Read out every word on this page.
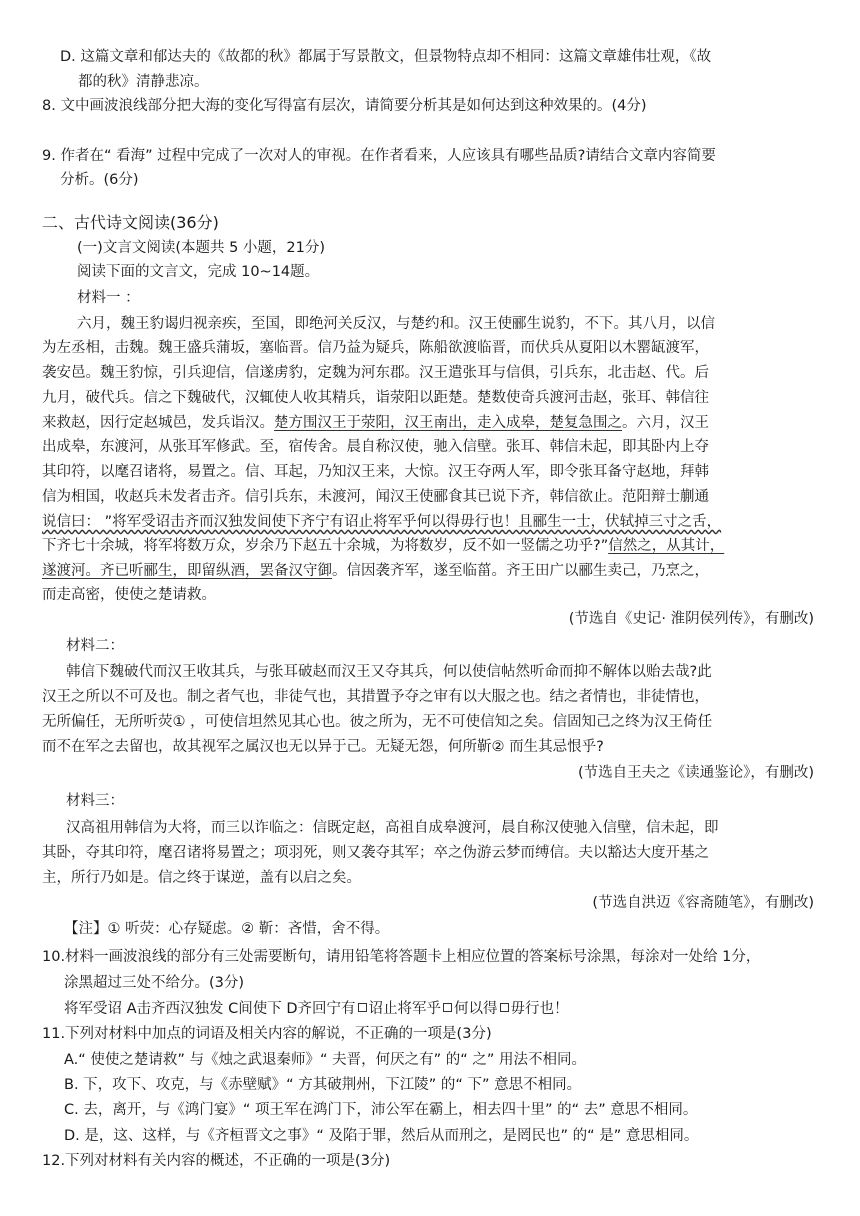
D. 这篇文章和郁达夫的《故都的秋》都属于写景散文，但景物特点却不相同：这篇文章雄伟壮观，《故
都的秋》清静悲凉。
8. 文中画波浪线部分把大海的变化写得富有层次，请简要分析其是如何达到这种效果的。(4分)
9. 作者在“ 看海” 过程中完成了一次对人的审视。在作者看来，人应该具有哪些品质?请结合文章内容简要
分析。(6分)
二、古代诗文阅读(36分)
(一)文言文阅读(本题共 5 小题，21分)
阅读下面的文言文，完成 10~14题。
材料一 ：
六月，魏王豹谒归视亲疾，至国，即绝河关反汉，与楚约和。汉王使郦生说豹，不下。其八月，以信
为左丞相，击魏。魏王盛兵蒲坂，塞临晋。信乃益为疑兵，陈船欲渡临晋，而伏兵从夏阳以木罂缻渡军，
袭安邑。魏王豹惊，引兵迎信，信遂虏豹，定魏为河东郡。汉王遣张耳与信俱，引兵东，北击赵、代。后
九月，破代兵。信之下魏破代，汉辄使人收其精兵，诣荥阳以距楚。楚数使奇兵渡河击赵，张耳、韩信往
来救赵，因行定赵城邑，发兵诣汉。楚方围汉王于荥阳，汉王南出，走入成皋，楚复急围之。六月，汉王
出成皋，东渡河，从张耳军修武。至，宿传舍。晨自称汉使，驰入信壁。张耳、韩信未起，即其卧内上夺
其印符，以麾召诸将，易置之。信、耳起，乃知汉王来，大惊。汉王夺两人军，即令张耳备守赵地，拜韩
信为相国，收赵兵未发者击齐。信引兵东，未渡河，闻汉王使郦食其已说下齐，韩信欲止。范阳辩士蒯通
说信曰： ”将军受诏击齐而汉独发间使下齐宁有诏止将军乎何以得毋行也！且郦生一士，伏轼掉三寸之舌，
下齐七十余城，将军将数万众，岁余乃下赵五十余城，为将数岁，反不如一竖儒之功乎?”信然之，从其计，
遂渡河。齐已听郦生，即留纵酒，罢备汉守御。信因袭齐军，遂至临菑。齐王田广以郦生卖己，乃烹之，
而走高密，使使之楚请救。
(节选自《史记· 淮阴侯列传》，有删改)
材料二：
韩信下魏破代而汉王收其兵，与张耳破赵而汉王又夺其兵，何以使信帖然听命而抑不解体以贻去哉?此
汉王之所以不可及也。制之者气也，非徒气也，其措置予夺之审有以大服之也。结之者情也，非徒情也，
无所偏任，无所听荧① ，可使信坦然见其心也。彼之所为，无不可使信知之矣。信固知己之终为汉王倚任
而不在军之去留也，故其视军之属汉也无以异于己。无疑无怨，何所靳② 而生其忌恨乎?
(节选自王夫之《读通鉴论》，有删改)
材料三：
汉高祖用韩信为大将，而三以诈临之：信既定赵，高祖自成皋渡河，晨自称汉使驰入信壁，信未起，即
其卧，夺其印符，麾召诸将易置之；项羽死，则又袭夺其军；卒之伪游云梦而缚信。夫以豁达大度开基之
主，所行乃如是。信之终于谋逆，盖有以启之矣。
(节选自洪迈《容斋随笔》，有删改)
【注】① 听荧：心存疑虑。② 靳：吝惜，舍不得。
10.材料一画波浪线的部分有三处需要断句，请用铅笔将答题卡上相应位置的答案标号涂黑，每涂对一处给 1分，
涂黑超过三处不给分。(3分)
将军受诏 A击齐西汉独发 C间使下 D齐回宁有 诏止将军乎 何以得 毋行也！
11.下列对材料中加点的词语及相关内容的解说，不正确的一项是(3分)
A.“ 使使之楚请救” 与《烛之武退秦师》“ 夫晋，何厌之有” 的“ 之” 用法不相同。
B. 下，攻下、攻克，与《赤壁赋》“ 方其破荆州，下江陵” 的“ 下” 意思不相同。
C. 去，离开，与《鸿门宴》“ 项王军在鸿门下，沛公军在霸上，相去四十里” 的“ 去” 意思不相同。
D. 是，这、这样，与《齐桓晋文之事》“ 及陷于罪，然后从而刑之，是罔民也” 的“ 是” 意思相同。
12.下列对材料有关内容的概述，不正确的一项是(3分)
